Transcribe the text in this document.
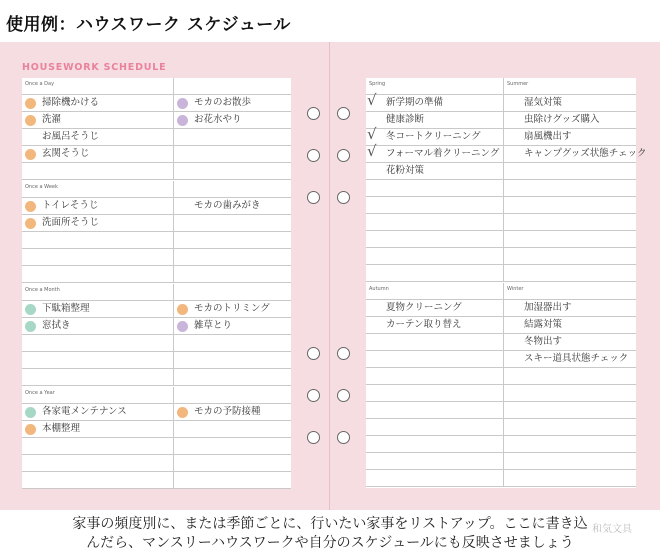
使用例：ハウスワーク スケジュール
HOUSEWORK SCHEDULE
Once a Day
掃除機かける
洗濯
お風呂そうじ
玄関そうじ
モカのお散歩
お花水やり
Once a Week
トイレそうじ
洗面所そうじ
モカの歯みがき
Once a Month
下駄箱整理
窓拭き
モカのトリミング
雑草とり
Once a Year
各家電メンテナンス
本棚整理
モカの予防接種
Spring
√ 新学期の準備
健康診断
√ 冬コートクリーニング
√ フォーマル着クリーニング
花粉対策
Summer
湿気対策
虫除けグッズ購入
扇風機出す
キャンプグッズ状態チェック
Autumn
夏物クリーニング
カーテン取り替え
Winter
加湿器出す
結露対策
冬物出す
スキー道具状態チェック
家事の頻度別に、または季節ごとに、行いたい家事をリストアップ。ここに書き込
んだら、マンスリーハウスワークや自分のスケジュールにも反映させましょう
和気文具
